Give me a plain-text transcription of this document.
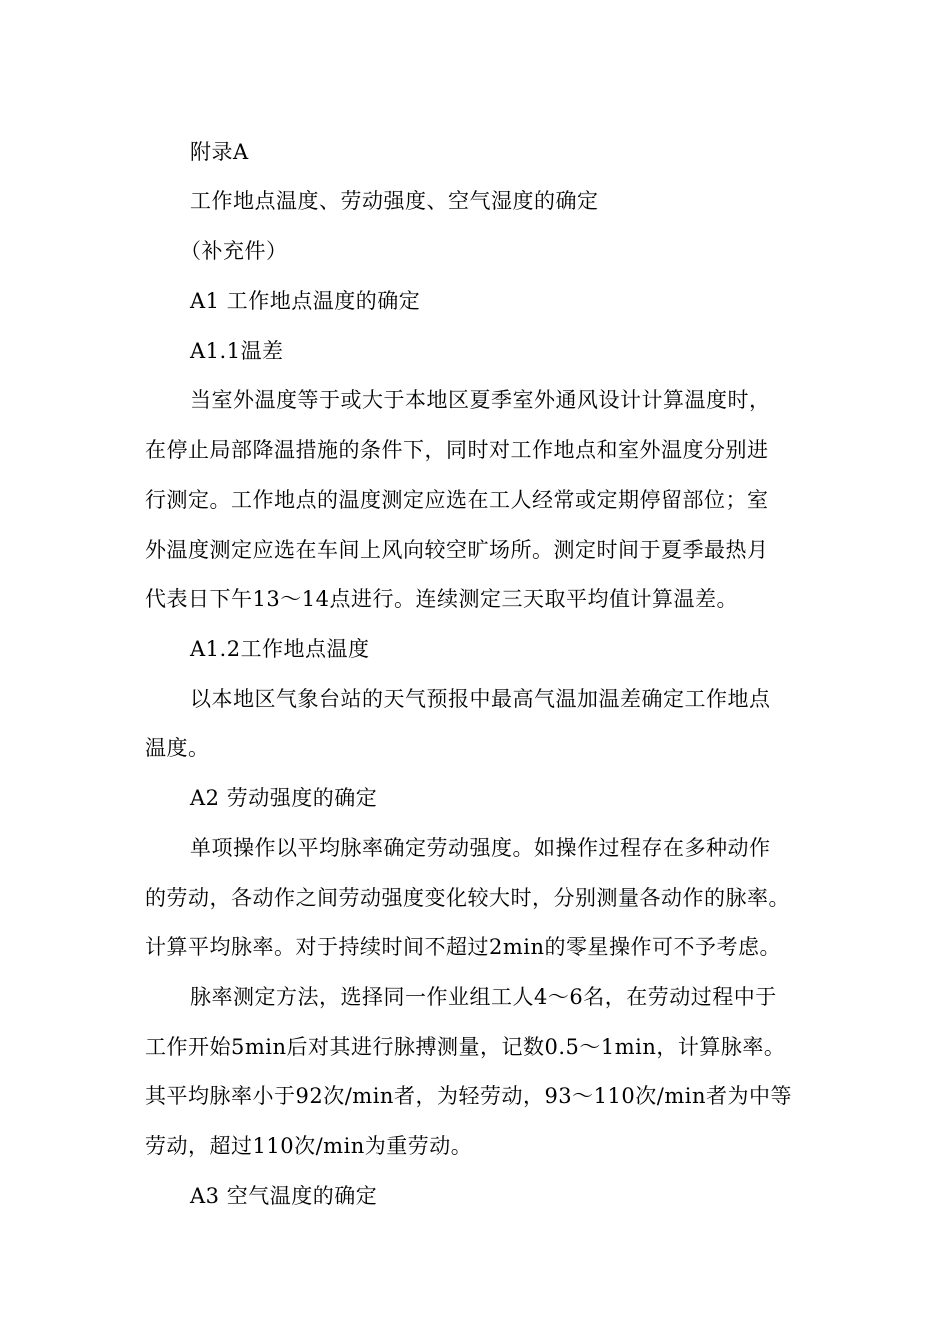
附录A
工作地点温度、劳动强度、空气湿度的确定
（补充件）
A1 工作地点温度的确定
A1.1温差
当室外温度等于或大于本地区夏季室外通风设计计算温度时，
在停止局部降温措施的条件下，同时对工作地点和室外温度分别进
行测定。工作地点的温度测定应选在工人经常或定期停留部位；室
外温度测定应选在车间上风向较空旷场所。测定时间于夏季最热月
代表日下午13～14点进行。连续测定三天取平均值计算温差。
A1.2工作地点温度
以本地区气象台站的天气预报中最高气温加温差确定工作地点
温度。
A2 劳动强度的确定
单项操作以平均脉率确定劳动强度。如操作过程存在多种动作
的劳动，各动作之间劳动强度变化较大时，分别测量各动作的脉率。
计算平均脉率。对于持续时间不超过2min的零星操作可不予考虑。
脉率测定方法，选择同一作业组工人4～6名，在劳动过程中于
工作开始5min后对其进行脉搏测量，记数0.5～1min，计算脉率。
其平均脉率小于92次/min者，为轻劳动，93～110次/min者为中等
劳动，超过110次/min为重劳动。
A3 空气温度的确定
